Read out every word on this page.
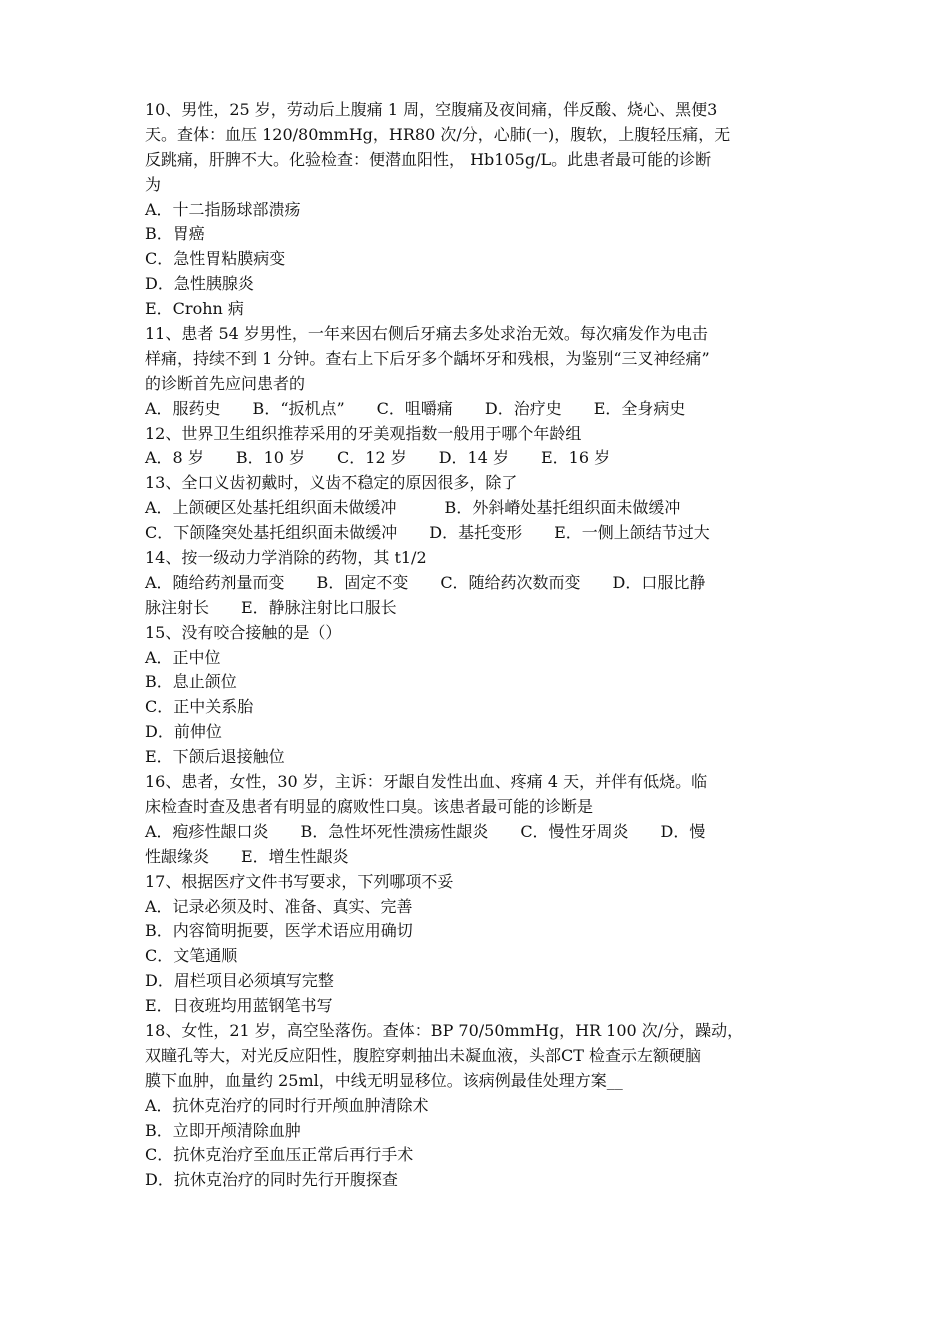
10、男性，25 岁，劳动后上腹痛 1 周，空腹痛及夜间痛，伴反酸、烧心、黑便3
天。查体：血压 120/80mmHg，HR80 次/分，心肺(一)，腹软，上腹轻压痛，无
反跳痛，肝脾不大。化验检查：便潜血阳性， Hb105g/L。此患者最可能的诊断
为
A．十二指肠球部溃疡
B．胃癌
C．急性胃粘膜病变
D．急性胰腺炎
E．Crohn 病
11、患者 54 岁男性，一年来因右侧后牙痛去多处求治无效。每次痛发作为电击
样痛，持续不到 1 分钟。查右上下后牙多个龋坏牙和残根，为鉴别“三叉神经痛”
的诊断首先应问患者的
A．服药史　　B．“扳机点”　　C．咀嚼痛　　D．治疗史　　E．全身病史
12、世界卫生组织推荐采用的牙美观指数一般用于哪个年龄组
A．8 岁　　B．10 岁　　C．12 岁　　D．14 岁　　E．16 岁
13、全口义齿初戴时，义齿不稳定的原因很多，除了
A．上颌硬区处基托组织面未做缓冲　　　B．外斜嵴处基托组织面未做缓冲
C．下颌隆突处基托组织面未做缓冲　　D．基托变形　　E．一侧上颌结节过大
14、按一级动力学消除的药物，其 t1/2
A．随给药剂量而变　　B．固定不变　　C．随给药次数而变　　D．口服比静
脉注射长　　E．静脉注射比口服长
15、没有咬合接触的是（）
A．正中位
B．息止颌位
C．正中关系胎
D．前伸位
E．下颌后退接触位
16、患者，女性，30 岁，主诉：牙龈自发性出血、疼痛 4 天，并伴有低烧。临
床检查时查及患者有明显的腐败性口臭。该患者最可能的诊断是
A．疱疹性龈口炎　　B．急性坏死性溃疡性龈炎　　C．慢性牙周炎　　D．慢
性龈缘炎　　E．增生性龈炎
17、根据医疗文件书写要求，下列哪项不妥
A．记录必须及时、准备、真实、完善
B．内容简明扼要，医学术语应用确切
C．文笔通顺
D．眉栏项目必须填写完整
E．日夜班均用蓝钢笔书写
18、女性，21 岁，高空坠落伤。查体：BP 70/50mmHg，HR 100 次/分，躁动，
双瞳孔等大，对光反应阳性，腹腔穿刺抽出未凝血液，头部CT 检查示左额硬脑
膜下血肿，血量约 25ml，中线无明显移位。该病例最佳处理方案__
A．抗休克治疗的同时行开颅血肿清除术
B．立即开颅清除血肿
C．抗休克治疗至血压正常后再行手术
D．抗休克治疗的同时先行开腹探查
